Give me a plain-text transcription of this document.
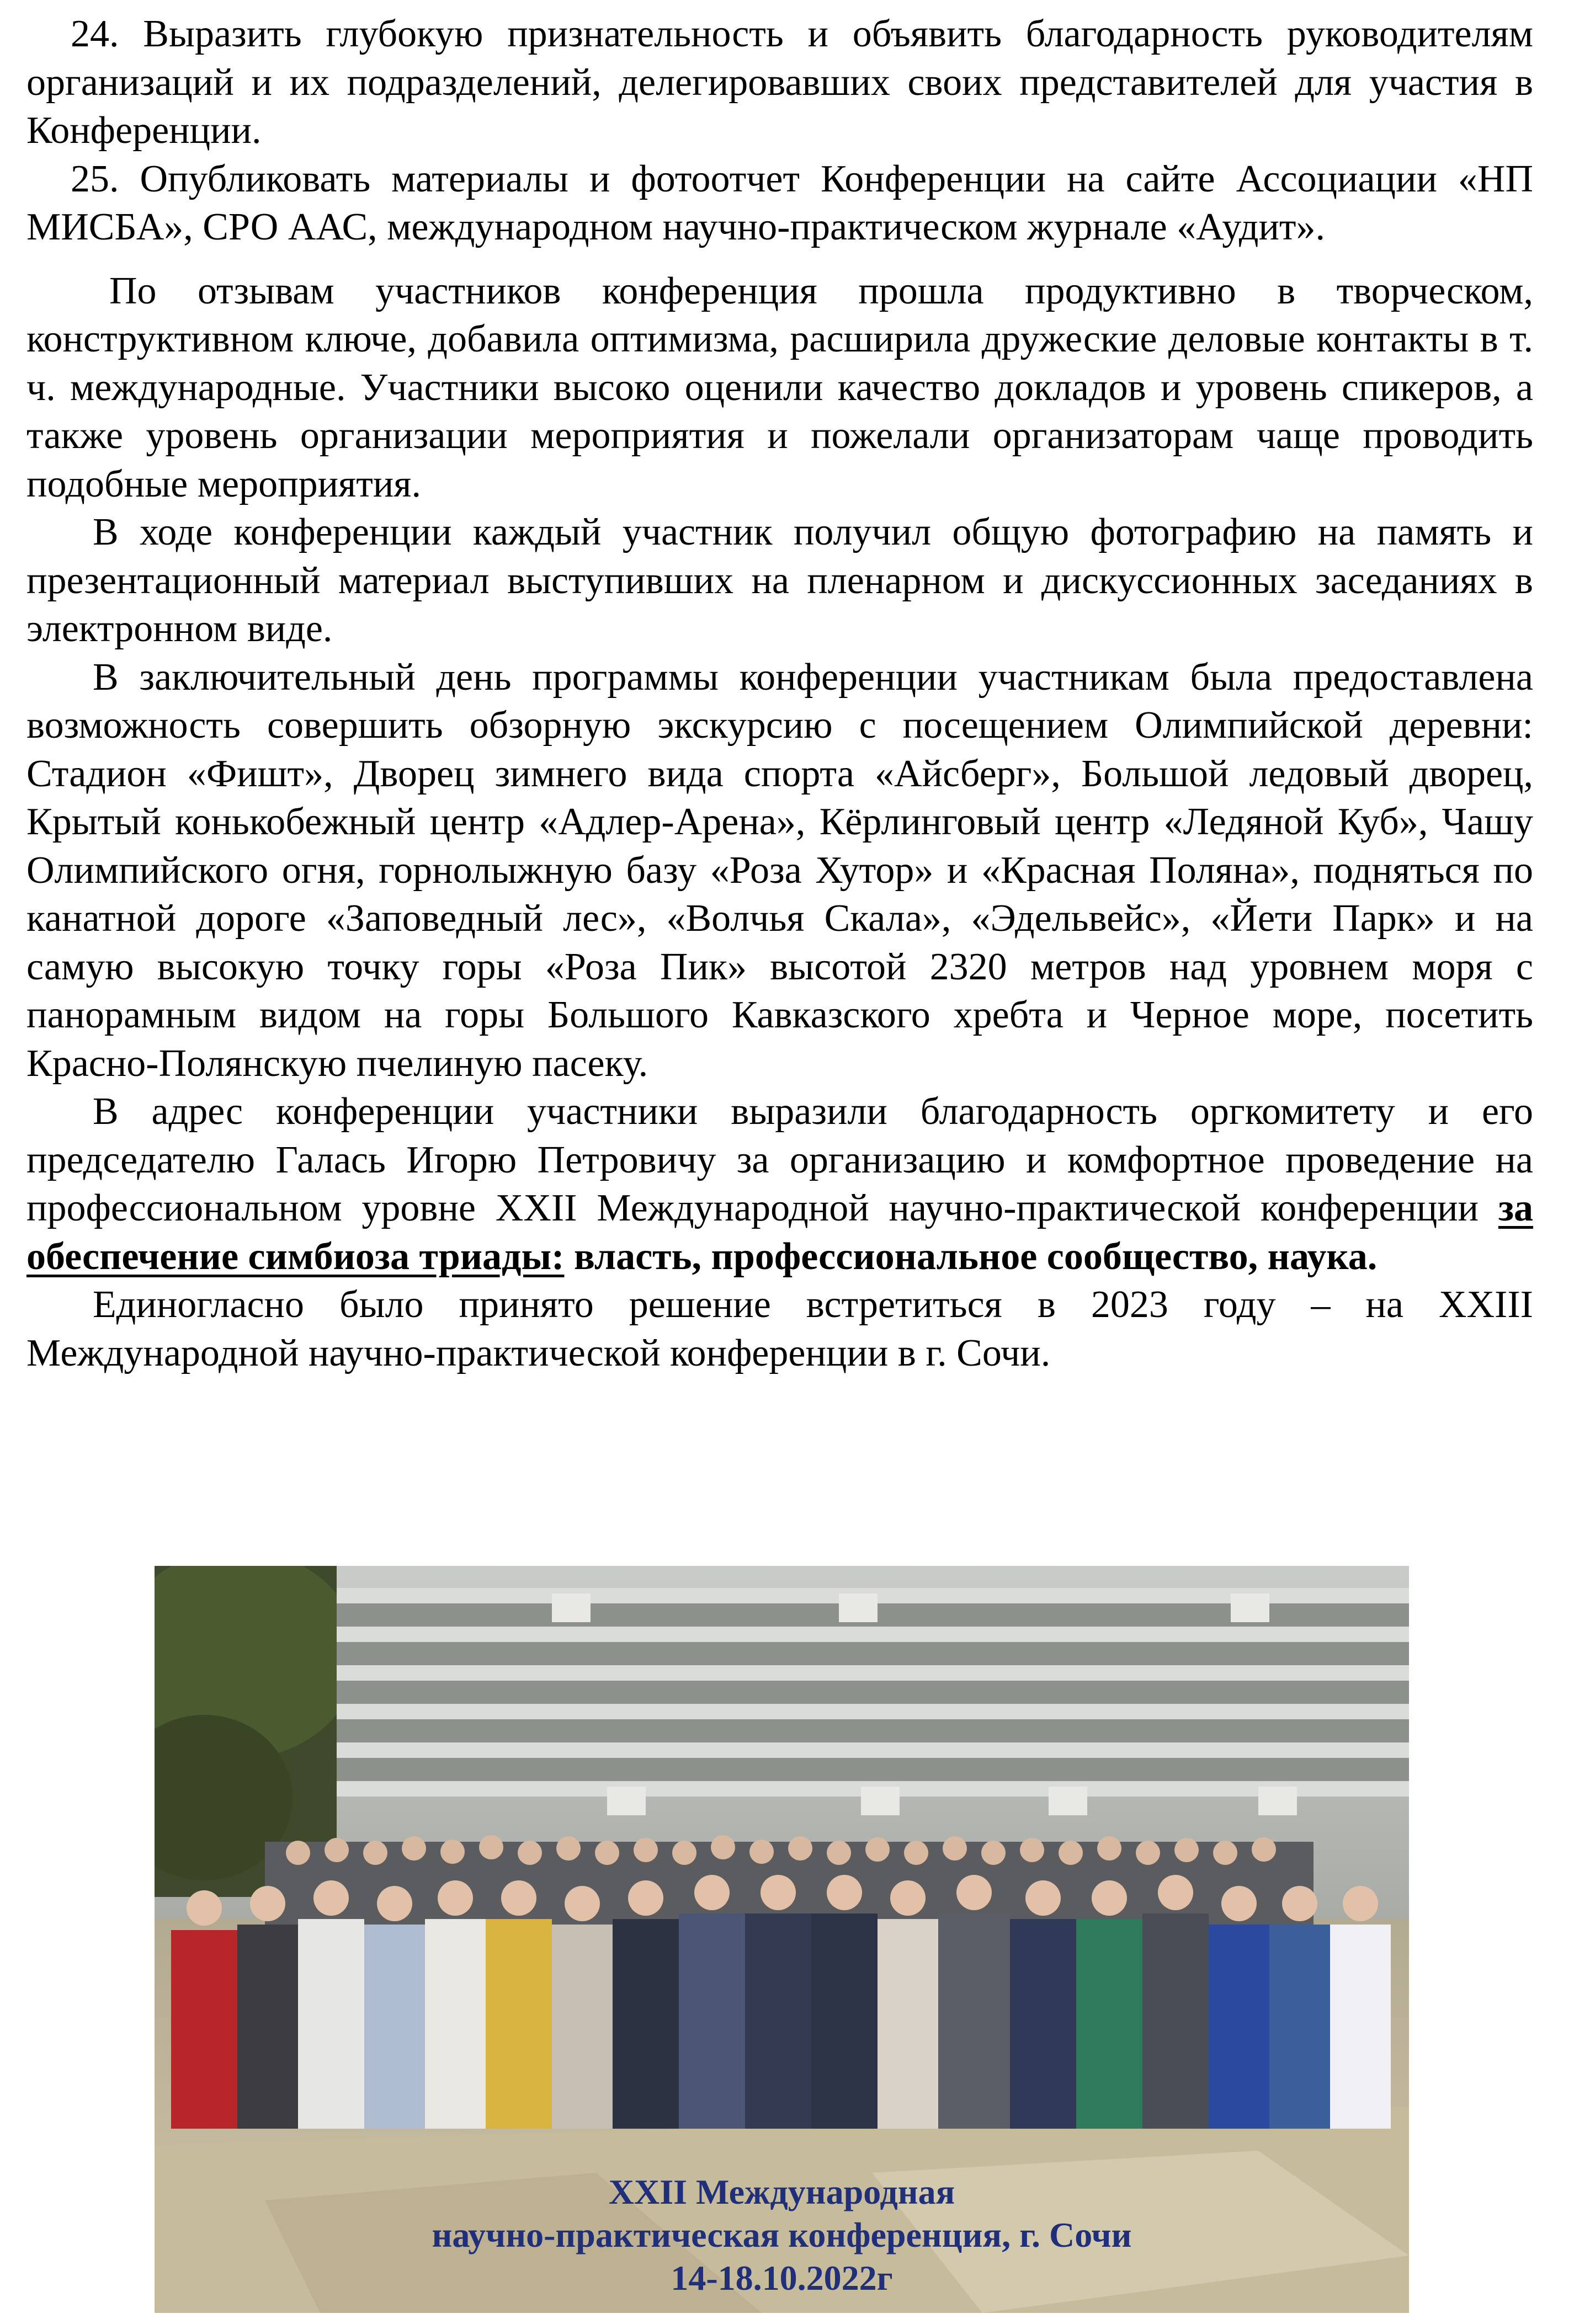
24. Выразить глубокую признательность и объявить благодарность руководителям организаций и их подразделений, делегировавших своих представителей для участия в Конференции.

25. Опубликовать материалы и фотоотчет Конференции на сайте Ассоциации «НП МИСБА», СРО ААС, международном научно-практическом журнале «Аудит».

По отзывам участников конференция прошла продуктивно в творческом, конструктивном ключе, добавила оптимизма, расширила дружеские деловые контакты в т. ч. международные. Участники высоко оценили качество докладов и уровень спикеров, а также уровень организации мероприятия и пожелали организаторам чаще проводить подобные мероприятия.

В ходе конференции каждый участник получил общую фотографию на память и презентационный материал выступивших на пленарном и дискуссионных заседаниях в электронном виде.

В заключительный день программы конференции участникам была предоставлена возможность совершить обзорную экскурсию с посещением Олимпийской деревни: Стадион «Фишт», Дворец зимнего вида спорта «Айсберг», Большой ледовый дворец, Крытый конькобежный центр «Адлер-Арена», Кёрлинговый центр «Ледяной Куб», Чашу Олимпийского огня, горнолыжную базу «Роза Хутор» и «Красная Поляна», подняться по канатной дороге «Заповедный лес», «Волчья Скала», «Эдельвейс», «Йети Парк» и на самую высокую точку горы «Роза Пик» высотой 2320 метров над уровнем моря с панорамным видом на горы Большого Кавказского хребта и Черное море, посетить Красно-Полянскую пчелиную пасеку.

В адрес конференции участники выразили благодарность оргкомитету и его председателю Галась Игорю Петровичу за организацию и комфортное проведение на профессиональном уровне XXII Международной научно-практической конференции за обеспечение симбиоза триады: власть, профессиональное сообщество, наука.

Единогласно было принято решение встретиться в 2023 году – на XXIII Международной научно-практической конференции в г. Сочи.

XXII Международная
научно-практическая конференция, г. Сочи
14-18.10.2022г
